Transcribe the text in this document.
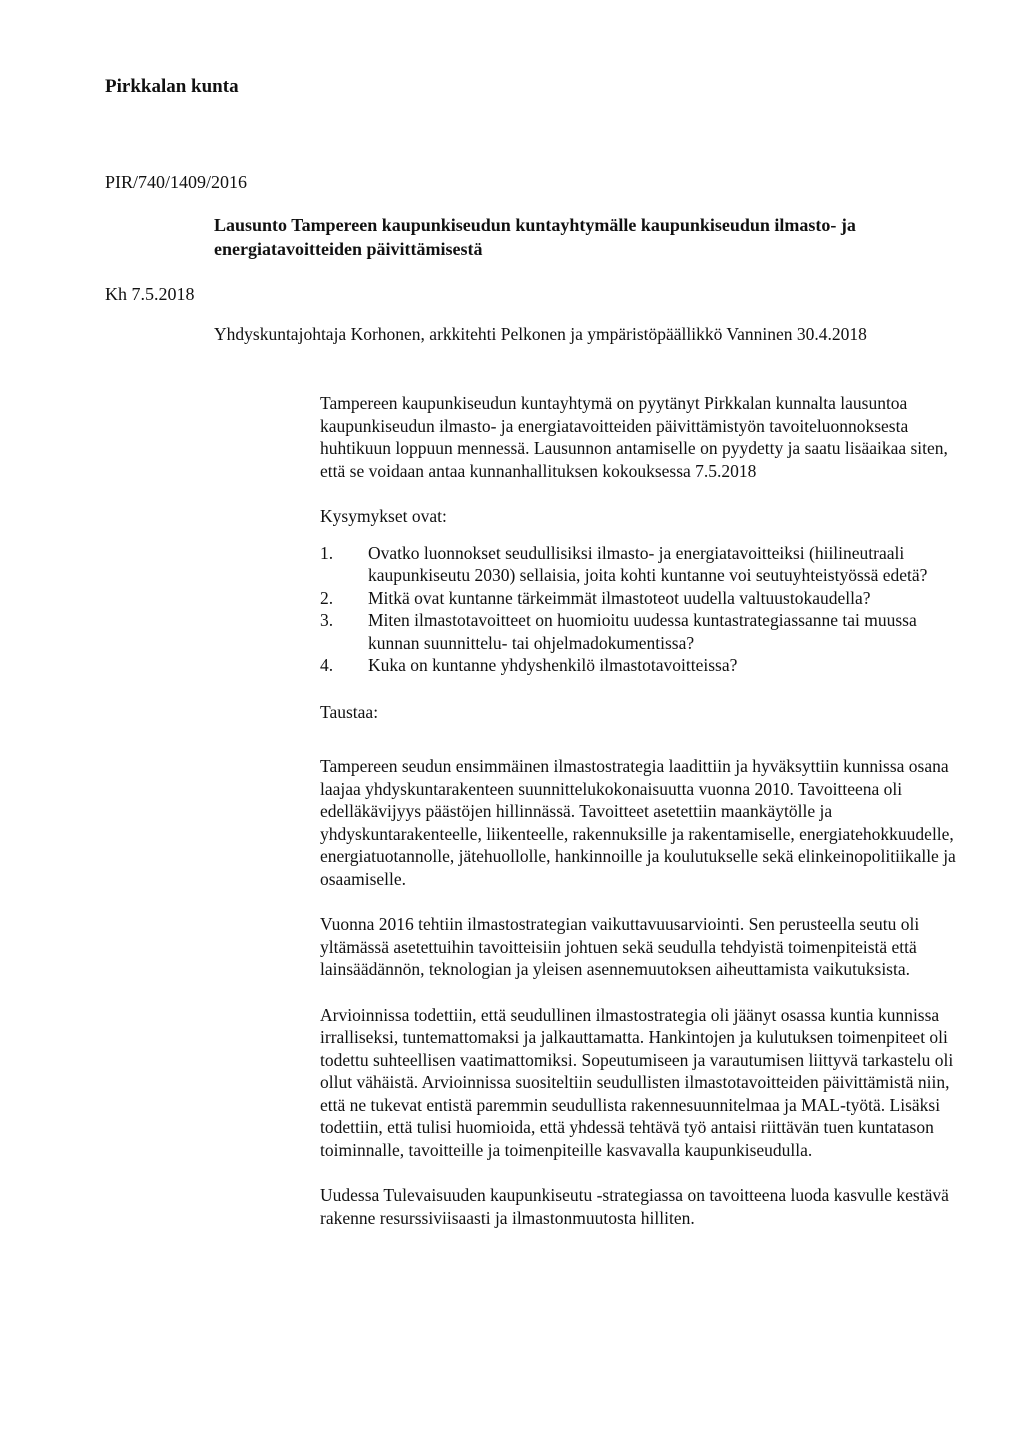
Pirkkalan kunta
PIR/740/1409/2016
Lausunto Tampereen kaupunkiseudun kuntayhtymälle kaupunkiseudun ilmasto- ja energiatavoitteiden päivittämisestä
Kh 7.5.2018
Yhdyskuntajohtaja Korhonen, arkkitehti Pelkonen ja ympäristöpäällikkö Vanninen 30.4.2018

Tampereen kaupunkiseudun kuntayhtymä on pyytänyt Pirkkalan kunnalta lausuntoa kaupunkiseudun ilmasto- ja energiatavoitteiden päivittämistyön tavoiteluonnoksesta huhtikuun loppuun mennessä. Lausunnon antamiselle on pyydetty ja saatu lisäaikaa siten, että se voidaan antaa kunnanhallituksen kokouksessa 7.5.2018

Kysymykset ovat:

1.	Ovatko luonnokset seudullisiksi ilmasto- ja energiatavoitteiksi (hiilineutraali kaupunkiseutu 2030) sellaisia, joita kohti kuntanne voi seutuyhteistyössä edetä?
2.	Mitkä ovat kuntanne tärkeimmät ilmastoteot uudella valtuustokaudella?
3.	Miten ilmastotavoitteet on huomioitu uudessa kuntastrategiassanne tai muussa kunnan suunnittelu- tai ohjelmadokumentissa?
4.	Kuka on kuntanne yhdyshenkilö ilmastotavoitteissa?

Taustaa:

Tampereen seudun ensimmäinen ilmastostrategia laadittiin ja hyväksyttiin kunnissa osana laajaa yhdyskuntarakenteen suunnittelukokonaisuutta vuonna 2010. Tavoitteena oli edelläkävijyys päästöjen hillinnässä. Tavoitteet asetettiin maankäytölle ja yhdyskuntarakenteelle, liikenteelle, rakennuksille ja rakentamiselle, energiatehokkuudelle, energiatuotannolle, jätehuollolle, hankinnoille ja koulutukselle sekä elinkeinopolitiikalle ja osaamiselle.

Vuonna 2016 tehtiin ilmastostrategian vaikuttavuusarviointi. Sen perusteella seutu oli yltämässä asetettuihin tavoitteisiin johtuen sekä seudulla tehdyistä toimenpiteistä että lainsäädännön, teknologian ja yleisen asennemuutoksen aiheuttamista vaikutuksista.

Arvioinnissa todettiin, että seudullinen ilmastostrategia oli jäänyt osassa kuntia kunnissa irralliseksi, tuntemattomaksi ja jalkauttamatta. Hankintojen ja kulutuksen toimenpiteet oli todettu suhteellisen vaatimattomiksi. Sopeutumiseen ja varautumisen liittyvä tarkastelu oli ollut vähäistä. Arvioinnissa suositeltiin seudullisten ilmastotavoitteiden päivittämistä niin, että ne tukevat entistä paremmin seudullista rakennesuunnitelmaa ja MAL-työtä. Lisäksi todettiin, että tulisi huomioida, että yhdessä tehtävä työ antaisi riittävän tuen kuntatason toiminnalle, tavoitteille ja toimenpiteille kasvavalla kaupunkiseudulla.

Uudessa Tulevaisuuden kaupunkiseutu -strategiassa on tavoitteena luoda kasvulle kestävä rakenne resurssiviisaasti ja ilmastonmuutosta hilliten.
